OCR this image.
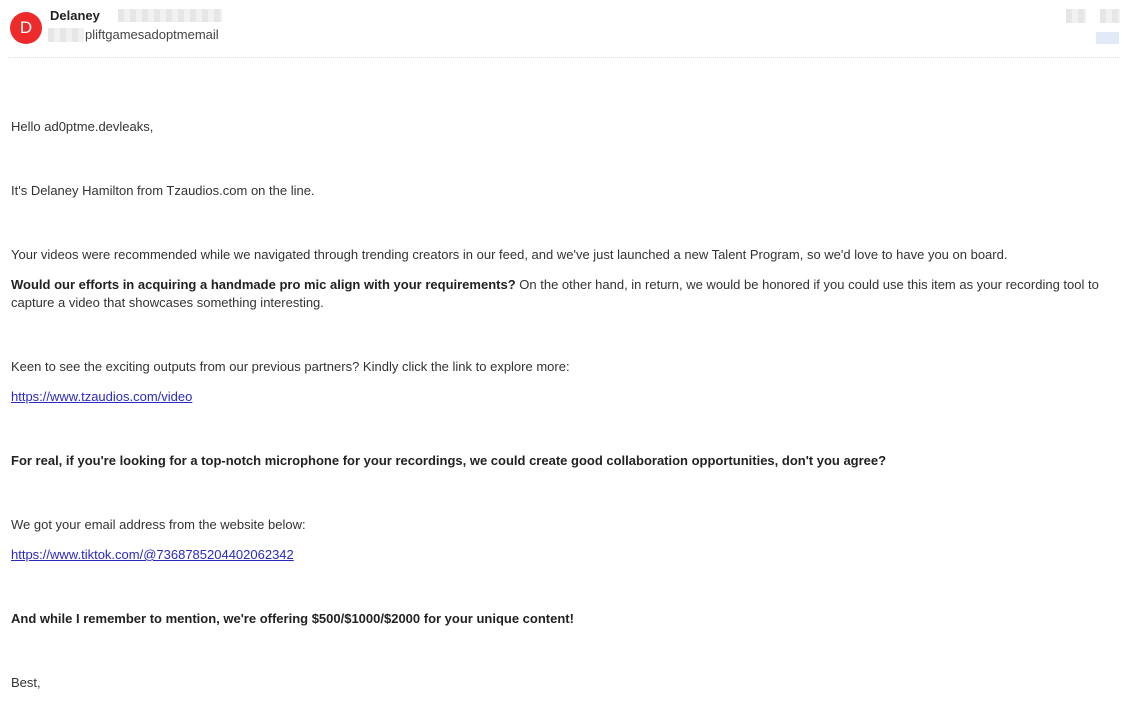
D
Delaney
pliftgamesadoptmemail
Hello ad0ptme.devleaks,
It's Delaney Hamilton from Tzaudios.com on the line.
Your videos were recommended while we navigated through trending creators in our feed, and we've just launched a new Talent Program, so we'd love to have you on board.
Would our efforts in acquiring a handmade pro mic align with your requirements? On the other hand, in return, we would be honored if you could use this item as your recording tool to capture a video that showcases something interesting.
Keen to see the exciting outputs from our previous partners? Kindly click the link to explore more:
https://www.tzaudios.com/video
For real, if you're looking for a top-notch microphone for your recordings, we could create good collaboration opportunities, don't you agree?
We got your email address from the website below:
https://www.tiktok.com/@7368785204402062342
And while I remember to mention, we're offering $500/$1000/$2000 for your unique content!
Best,
